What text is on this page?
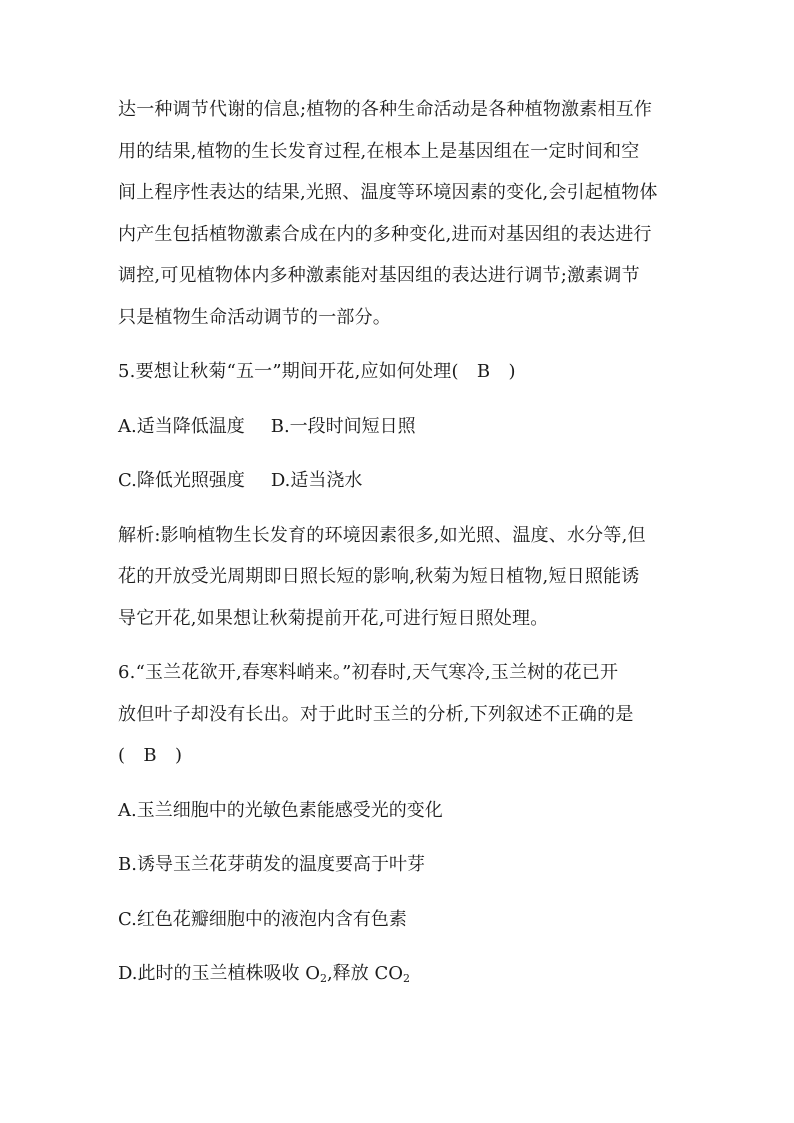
达一种调节代谢的信息;植物的各种生命活动是各种植物激素相互作
用的结果,植物的生长发育过程,在根本上是基因组在一定时间和空
间上程序性表达的结果,光照、温度等环境因素的变化,会引起植物体
内产生包括植物激素合成在内的多种变化,进而对基因组的表达进行
调控,可见植物体内多种激素能对基因组的表达进行调节;激素调节
只是植物生命活动调节的一部分。
5.要想让秋菊“五一”期间开花,应如何处理(　B　)
A.适当降低温度 B.一段时间短日照
C.降低光照强度 D.适当浇水
解析:影响植物生长发育的环境因素很多,如光照、温度、水分等,但
花的开放受光周期即日照长短的影响,秋菊为短日植物,短日照能诱
导它开花,如果想让秋菊提前开花,可进行短日照处理。
6.“玉兰花欲开,春寒料峭来。”初春时,天气寒冷,玉兰树的花已开
放但叶子却没有长出。对于此时玉兰的分析,下列叙述不正确的是
(　B　)
A.玉兰细胞中的光敏色素能感受光的变化
B.诱导玉兰花芽萌发的温度要高于叶芽
C.红色花瓣细胞中的液泡内含有色素
D.此时的玉兰植株吸收 $O_2$,释放 $CO_2$
